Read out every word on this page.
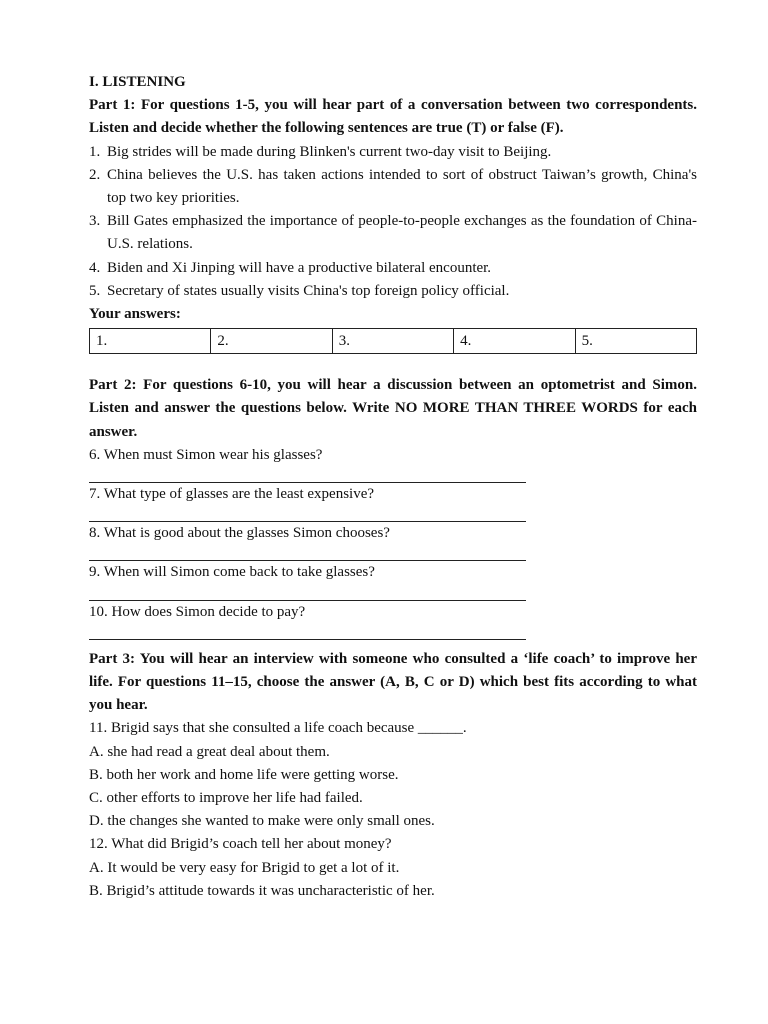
I. LISTENING
Part 1: For questions 1-5, you will hear part of a conversation between two correspondents. Listen and decide whether the following sentences are true (T) or false (F).
1. Big strides will be made during Blinken's current two-day visit to Beijing.
2. China believes the U.S. has taken actions intended to sort of obstruct Taiwan’s growth, China's top two key priorities.
3. Bill Gates emphasized the importance of people-to-people exchanges as the foundation of China-U.S. relations.
4. Biden and Xi Jinping will have a productive bilateral encounter.
5. Secretary of states usually visits China's top foreign policy official.
Your answers:
1.	2.	3.	4.	5.
Part 2: For questions 6-10, you will hear a discussion between an optometrist and Simon. Listen and answer the questions below. Write NO MORE THAN THREE WORDS for each answer.
6. When must Simon wear his glasses?
7. What type of glasses are the least expensive?
8. What is good about the glasses Simon chooses?
9. When will Simon come back to take glasses?
10. How does Simon decide to pay?
Part 3: You will hear an interview with someone who consulted a ‘life coach’ to improve her life. For questions 11–15, choose the answer (A, B, C or D) which best fits according to what you hear.
11. Brigid says that she consulted a life coach because ______.
A. she had read a great deal about them.
B. both her work and home life were getting worse.
C. other efforts to improve her life had failed.
D. the changes she wanted to make were only small ones.
12. What did Brigid’s coach tell her about money?
A. It would be very easy for Brigid to get a lot of it.
B. Brigid’s attitude towards it was uncharacteristic of her.
